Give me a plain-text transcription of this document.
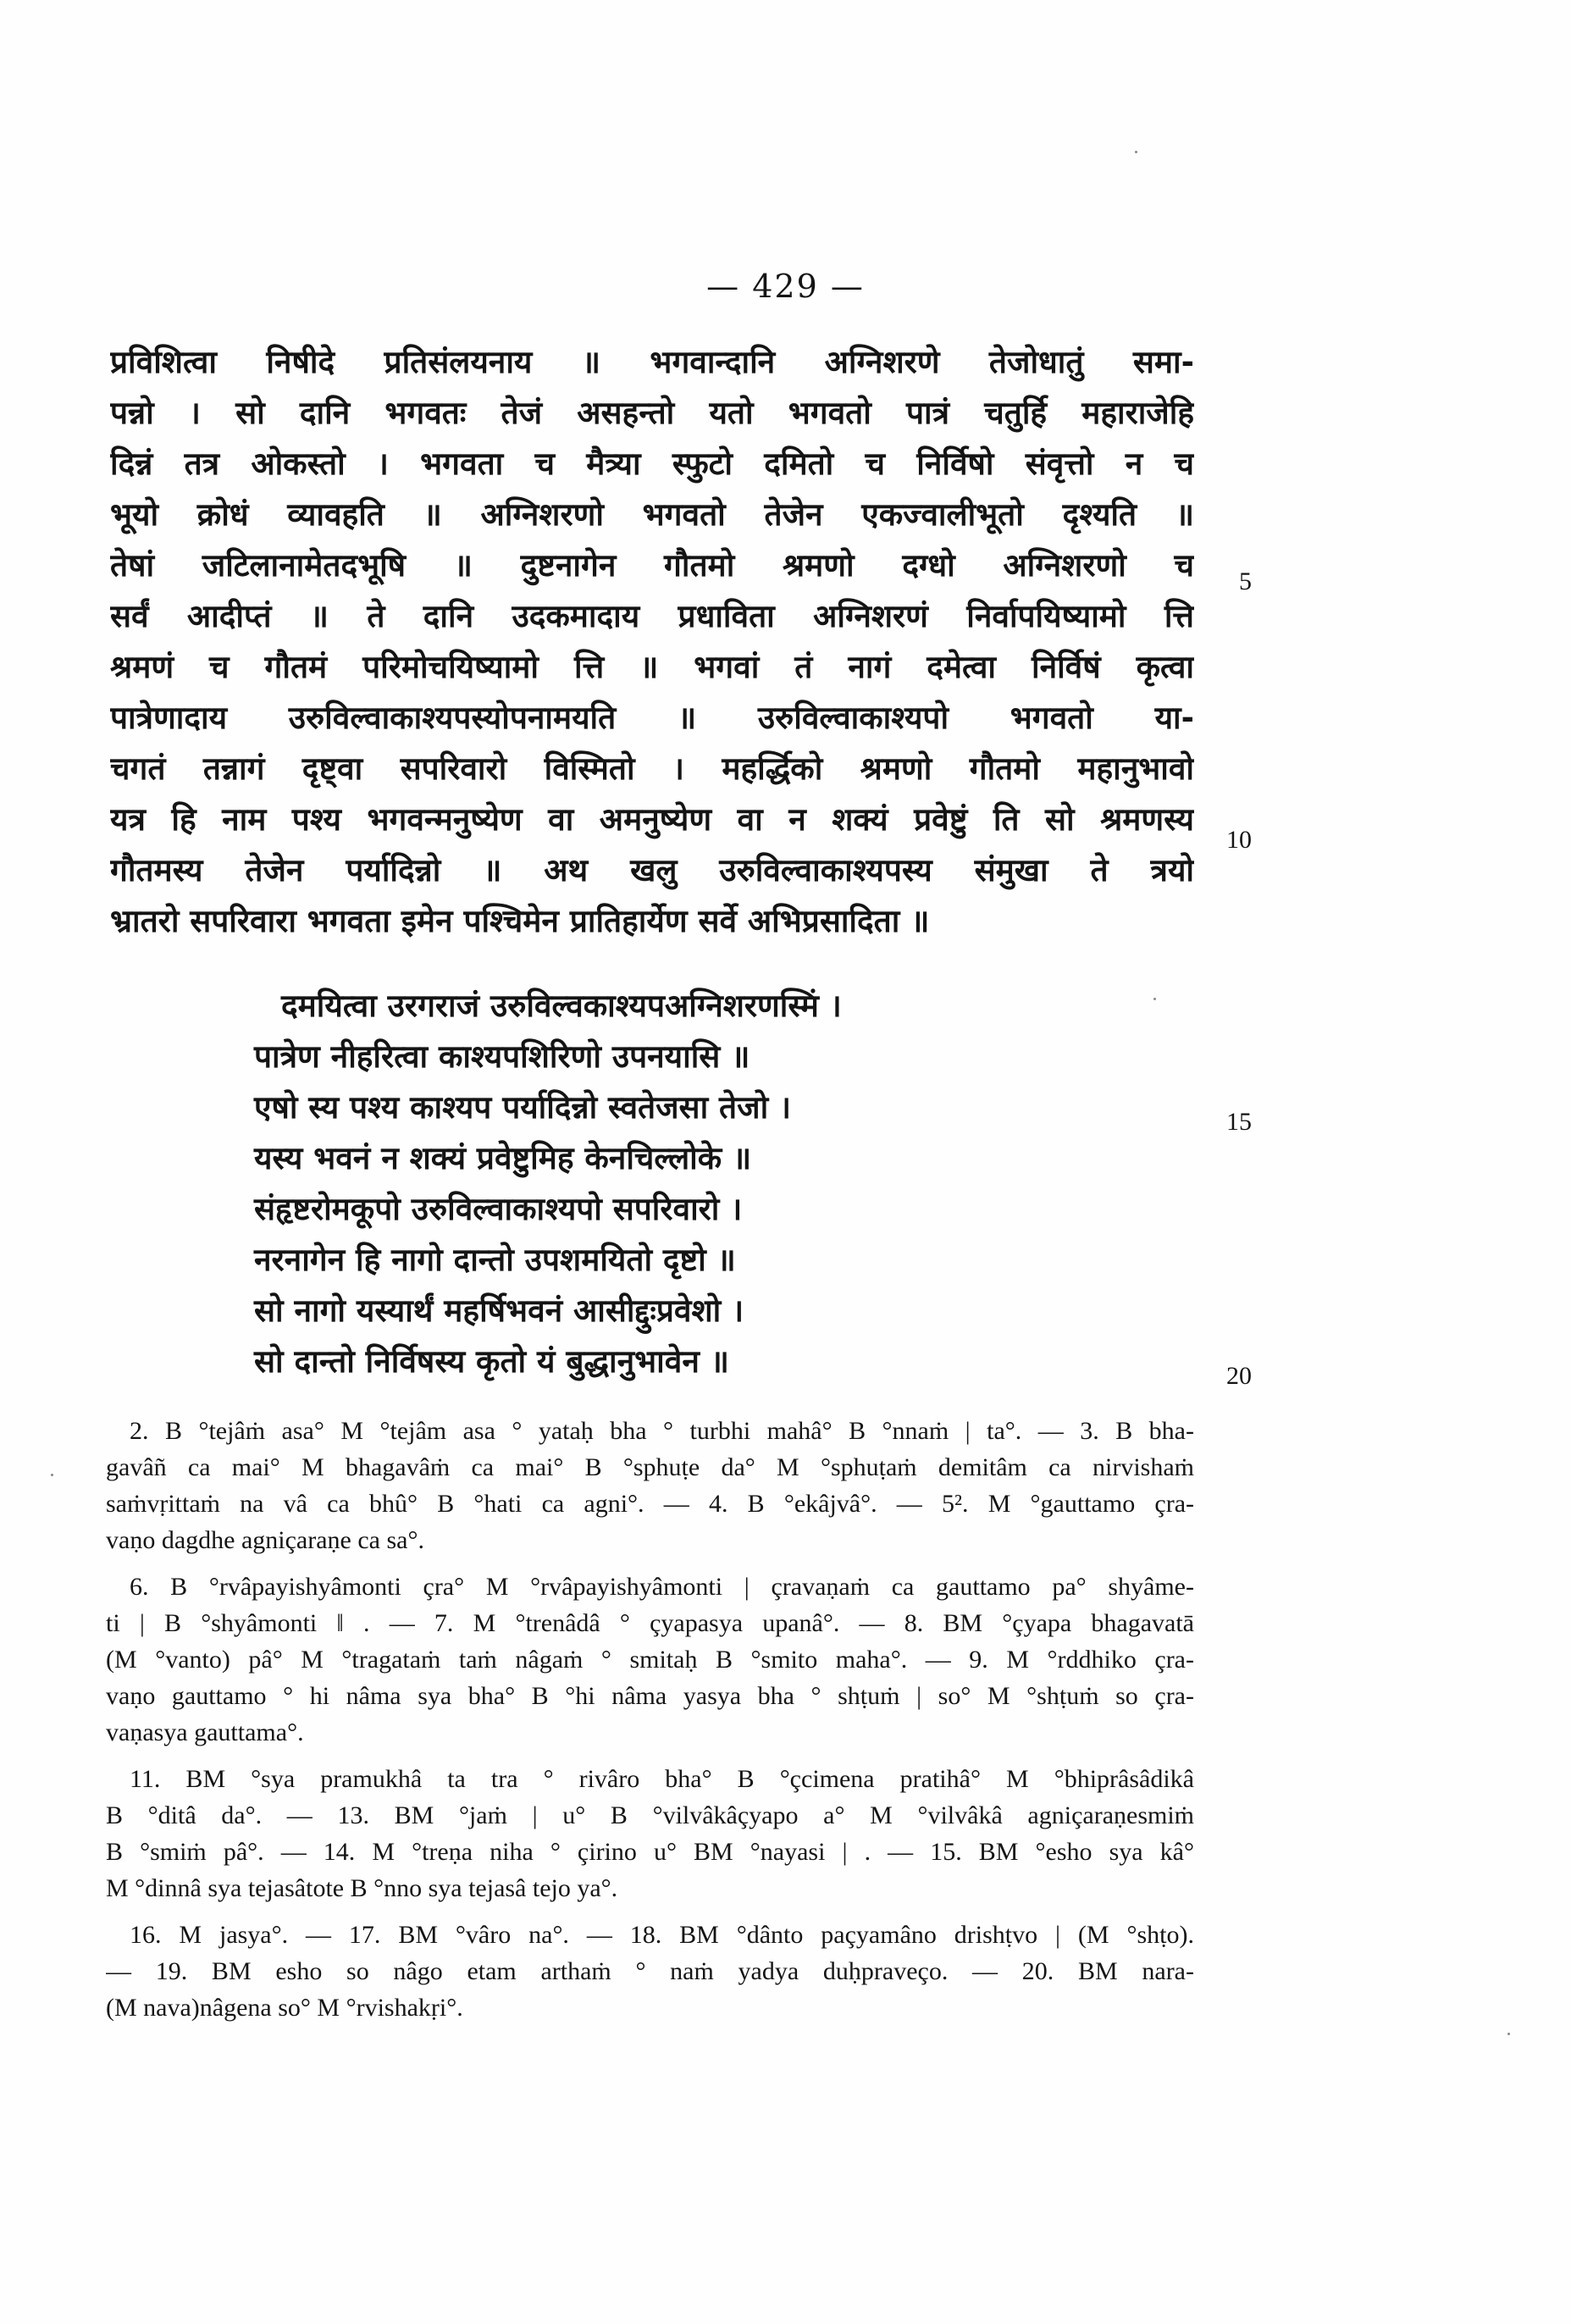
— 429 —
प्रविशित्वा निषीदे प्रतिसंलयनाय ॥ भगवान्दानि अग्निशरणे तेजोधातुं समा-
पन्नो । सो दानि भगवतः तेजं असहन्तो यतो भगवतो पात्रं चतुर्हि महाराजेहि
दिन्नं तत्र ओकस्तो । भगवता च मैत्र्या स्फुटो दमितो च निर्विषो संवृत्तो न च
भूयो क्रोधं व्यावहति ॥ अग्निशरणो भगवतो तेजेन एकज्वालीभूतो दृश्यति ॥
तेषां जटिलानामेतदभूषि ॥ दुष्टनागेन गौतमो श्रमणो दग्धो अग्निशरणो च
सर्वं आदीप्तं ॥ ते दानि उदकमादाय प्रधाविता अग्निशरणं निर्वापयिष्यामो त्ति
श्रमणं च गौतमं परिमोचयिष्यामो त्ति ॥ भगवां तं नागं दमेत्वा निर्विषं कृत्वा
पात्रेणादाय उरुविल्वाकाश्यपस्योपनामयति ॥ उरुविल्वाकाश्यपो भगवतो या-
चगतं तन्नागं दृष्ट्वा सपरिवारो विस्मितो । महर्द्धिको श्रमणो गौतमो महानुभावो
यत्र हि नाम पश्य भगवन्मनुष्येण वा अमनुष्येण वा न शक्यं प्रवेष्टुं ति सो श्रमणस्य
गौतमस्य तेजेन पर्यादिन्नो ॥ अथ खलु उरुविल्वाकाश्यपस्य संमुखा ते त्रयो
भ्रातरो सपरिवारा भगवता इमेन पश्चिमेन प्रातिहार्येण सर्वे अभिप्रसादिता ॥
दमयित्वा उरगराजं उरुविल्वकाश्यपअग्निशरणस्मिं ।
पात्रेण नीहरित्वा काश्यपशिरिणो उपनयासि ॥
एषो स्य पश्य काश्यप पर्यादिन्नो स्वतेजसा तेजो ।
यस्य भवनं न शक्यं प्रवेष्टुमिह केनचिल्लोके ॥
संहृष्टरोमकूपो उरुविल्वाकाश्यपो सपरिवारो ।
नरनागेन हि नागो दान्तो उपशमयितो दृष्टो ॥
सो नागो यस्यार्थं महर्षिभवनं आसीद्दुःप्रवेशो ।
सो दान्तो निर्विषस्य कृतो यं बुद्धानुभावेन ॥
5
10
15
20
2. B °tejâṁ asa° M °tejâm asa ° yataḥ bha ° turbhi mahâ° B °nnaṁ | ta°. — 3. B bha-
gavâñ ca mai° M bhagavâṁ ca mai° B °sphuṭe da° M °sphuṭaṁ demitâm ca nirvishaṁ
saṁvṛittaṁ na vâ ca bhû° B °hati ca agni°. — 4. B °ekâjvâ°. — 5². M °gauttamo çra-
vaṇo dagdhe agniçaraṇe ca sa°.
6. B °rvâpayishyâmonti çra° M °rvâpayishyâmonti | çravaṇaṁ ca gauttamo pa° shyâme-
ti | B °shyâmonti ‖ . — 7. M °trenâdâ ° çyapasya upanâ°. — 8. BM °çyapa bhagavatā
(M °vanto) pâ° M °tragataṁ taṁ nâgaṁ ° smitaḥ B °smito maha°. — 9. M °rddhiko çra-
vaṇo gauttamo ° hi nâma sya bha° B °hi nâma yasya bha ° shṭuṁ | so° M °shṭuṁ so çra-
vaṇasya gauttama°.
11. BM °sya pramukhâ ta tra ° rivâro bha° B °çcimena pratihâ° M °bhiprâsâdikâ
B °ditâ da°. — 13. BM °jaṁ | u° B °vilvâkâçyapo a° M °vilvâkâ agniçaraṇesmiṁ
B °smiṁ pâ°. — 14. M °treṇa niha ° çirino u° BM °nayasi | . — 15. BM °esho sya kâ°
M °dinnâ sya tejasâtote B °nno sya tejasâ tejo ya°.
16. M jasya°. — 17. BM °vâro na°. — 18. BM °dânto paçyamâno drishṭvo | (M °shṭo).
— 19. BM esho so nâgo etam arthaṁ ° naṁ yadya duḥpraveço. — 20. BM nara-
(M nava)nâgena so° M °rvishakṛi°.
